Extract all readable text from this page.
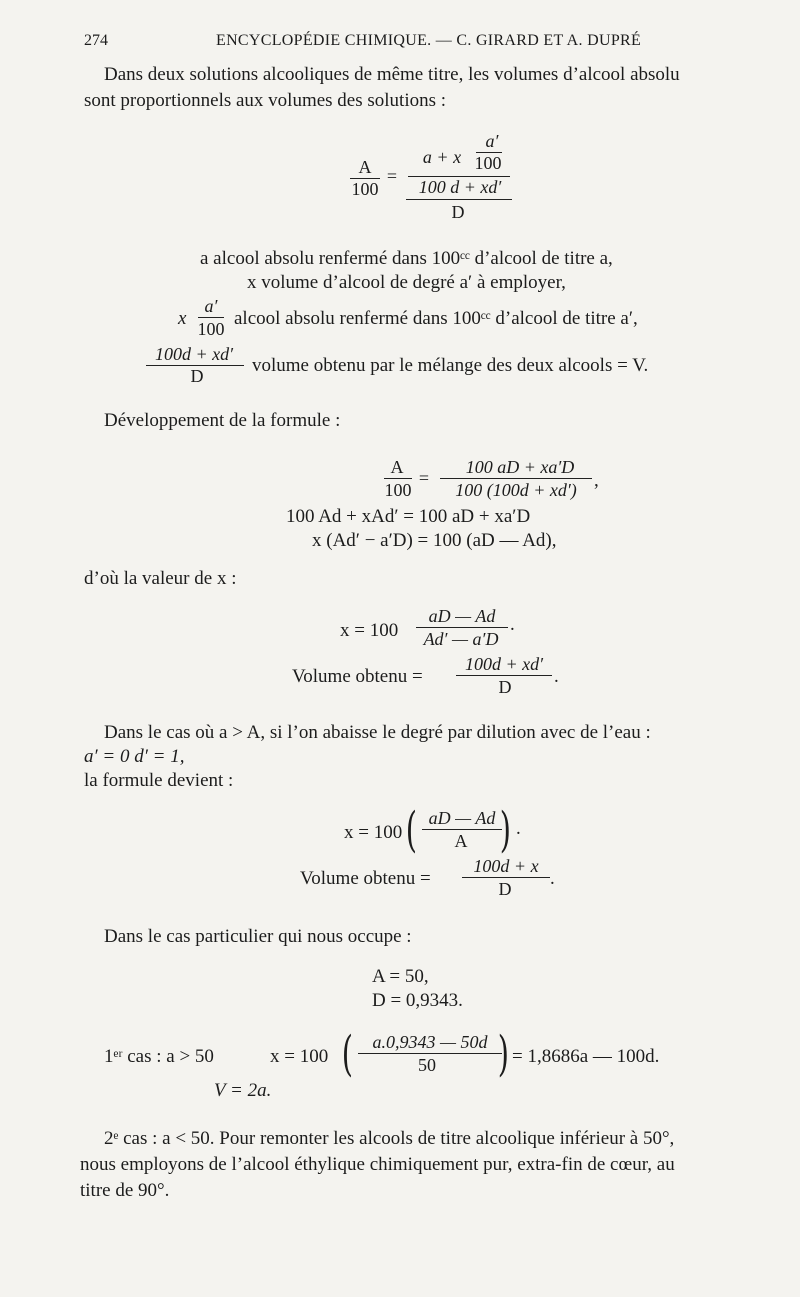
274	ENCYCLOPÉDIE CHIMIQUE. — C. GIRARD ET A. DUPRÉ
Dans deux solutions alcooliques de même titre, les volumes d’alcool absolu
sont proportionnels aux volumes des solutions :
A
100
=
a + x
a′
100
100 d + xd′
D
a alcool absolu renfermé dans 100ᶜᶜ d’alcool de titre a,
x volume d’alcool de degré a′ à employer,
x
a′
100 alcool absolu renfermé dans 100ᶜᶜ d’alcool de titre a′,
100d + xd′
D	volume obtenu par le mélange des deux alcools = V.
Développement de la formule :
A
100
=
100 aD + xa′D
100 (100d + xd′) ,
100 Ad + xAd′ = 100 aD + xa′D
x (Ad′ − a′D) = 100 (aD — Ad),
d’où la valeur de x :
x = 100
aD — Ad
Ad′ — a′D
.
Volume obtenu =
100d + xd′
D	.
Dans le cas où a > A, si l’on abaisse le degré par dilution avec de l’eau :
a′ = 0 d′ = 1,
la formule devient :
x = 100 ( aD — Ad
A ) .
Volume obtenu =
100d + x
D	.
Dans le cas particulier qui nous occupe :
A = 50,
D = 0,9343.
1ᵉʳ cas : a > 50	x = 100 (	a.0,9343 — 50d
50 ) = 1,8686a — 100d.
V = 2a.
2ᵉ cas : a < 50. Pour remonter les alcools de titre alcoolique inférieur à 50°,
nous employons de l’alcool éthylique chimiquement pur, extra-fin de cœur, au
titre de 90°.
